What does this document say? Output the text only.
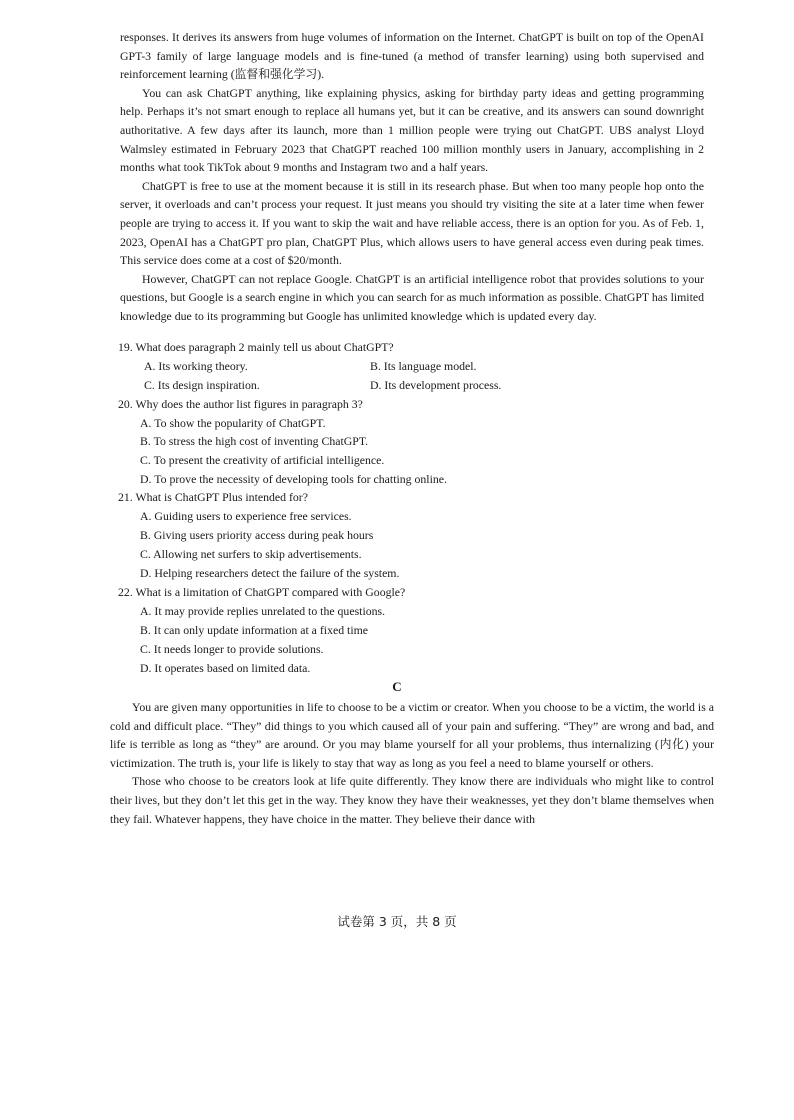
responses. It derives its answers from huge volumes of information on the Internet. ChatGPT is built on top of the OpenAI GPT-3 family of large language models and is fine-tuned (a method of transfer learning) using both supervised and reinforcement learning (监督和强化学习).

You can ask ChatGPT anything, like explaining physics, asking for birthday party ideas and getting programming help. Perhaps it’s not smart enough to replace all humans yet, but it can be creative, and its answers can sound downright authoritative. A few days after its launch, more than 1 million people were trying out ChatGPT. UBS analyst Lloyd Walmsley estimated in February 2023 that ChatGPT reached 100 million monthly users in January, accomplishing in 2 months what took TikTok about 9 months and Instagram two and a half years.

ChatGPT is free to use at the moment because it is still in its research phase. But when too many people hop onto the server, it overloads and can’t process your request. It just means you should try visiting the site at a later time when fewer people are trying to access it. If you want to skip the wait and have reliable access, there is an option for you. As of Feb. 1, 2023, OpenAI has a ChatGPT pro plan, ChatGPT Plus, which allows users to have general access even during peak times. This service does come at a cost of $20/month.

However, ChatGPT can not replace Google. ChatGPT is an artificial intelligence robot that provides solutions to your questions, but Google is a search engine in which you can search for as much information as possible. ChatGPT has limited knowledge due to its programming but Google has unlimited knowledge which is updated every day.

19. What does paragraph 2 mainly tell us about ChatGPT?
A. Its working theory.	B. Its language model.
C. Its design inspiration.	D. Its development process.
20. Why does the author list figures in paragraph 3?
A. To show the popularity of ChatGPT.
B. To stress the high cost of inventing ChatGPT.
C. To present the creativity of artificial intelligence.
D. To prove the necessity of developing tools for chatting online.
21. What is ChatGPT Plus intended for?
A. Guiding users to experience free services.
B. Giving users priority access during peak hours
C. Allowing net surfers to skip advertisements.
D. Helping researchers detect the failure of the system.
22. What is a limitation of ChatGPT compared with Google?
A. It may provide replies unrelated to the questions.
B. It can only update information at a fixed time
C. It needs longer to provide solutions.
D. It operates based on limited data.
C

You are given many opportunities in life to choose to be a victim or creator. When you choose to be a victim, the world is a cold and difficult place. “They” did things to you which caused all of your pain and suffering. “They” are wrong and bad, and life is terrible as long as “they” are around. Or you may blame yourself for all your problems, thus internalizing (内化) your victimization. The truth is, your life is likely to stay that way as long as you feel a need to blame yourself or others.

Those who choose to be creators look at life quite differently. They know there are individuals who might like to control their lives, but they don’t let this get in the way. They know they have their weaknesses, yet they don’t blame themselves when they fail. Whatever happens, they have choice in the matter. They believe their dance with

试卷第 3 页，共 8 页
